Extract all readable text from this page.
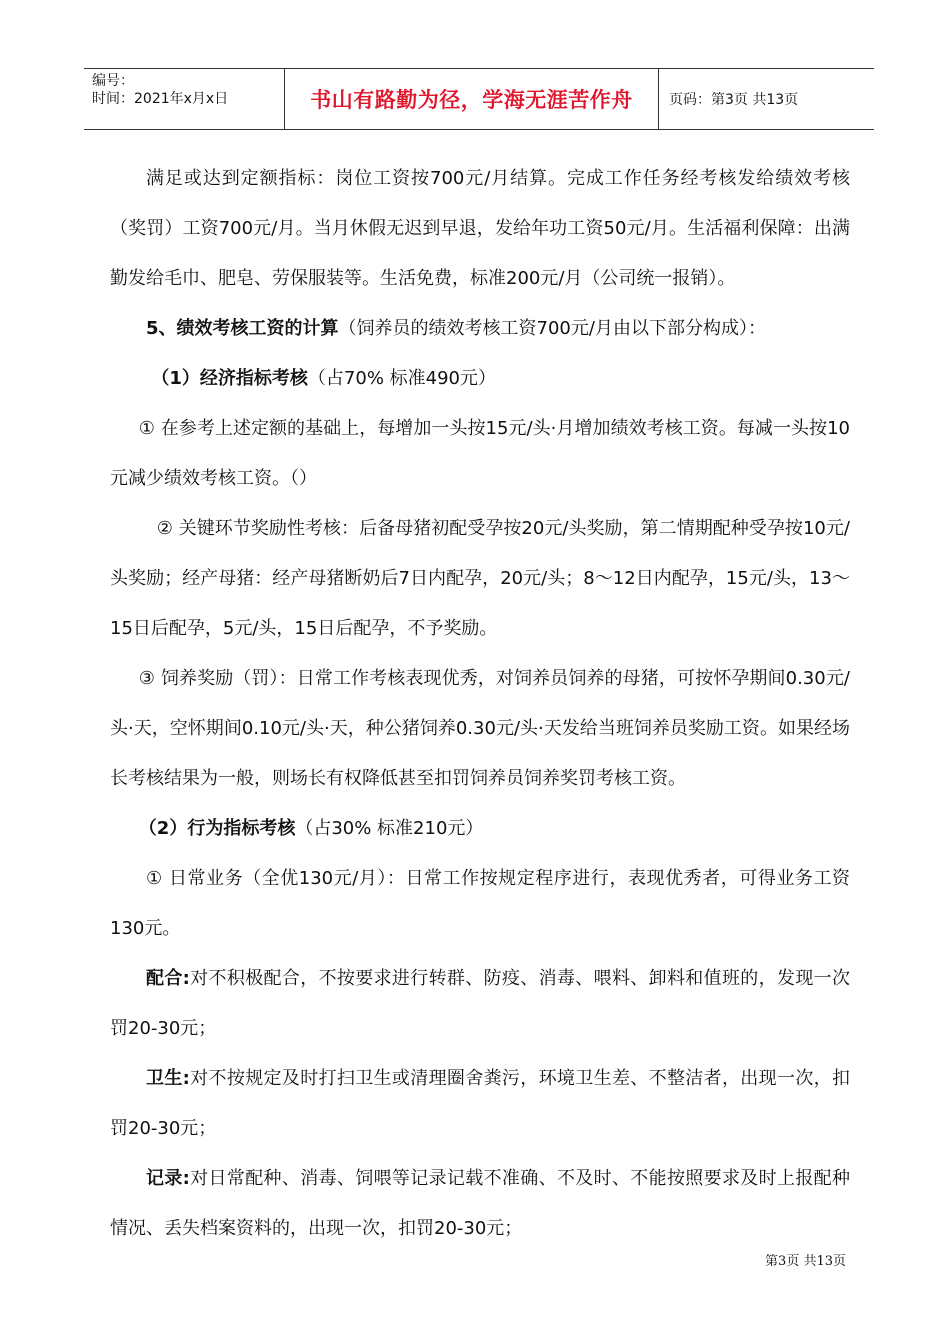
编号：
时间：2021年x月x日	书山有路勤为径，学海无涯苦作舟	页码：第3页 共13页

满足或达到定额指标：岗位工资按700元/月结算。完成工作任务经考核发给绩效考核（奖罚）工资700元/月。当月休假无迟到早退，发给年功工资50元/月。生活福利保障：出满勤发给毛巾、肥皂、劳保服装等。生活免费，标准200元/月（公司统一报销）。

5、绩效考核工资的计算（饲养员的绩效考核工资700元/月由以下部分构成）：

（1）经济指标考核（占70% 标准490元）

① 在参考上述定额的基础上，每增加一头按15元/头·月增加绩效考核工资。每减一头按10元减少绩效考核工资。（）

② 关键环节奖励性考核：后备母猪初配受孕按20元/头奖励，第二情期配种受孕按10元/头奖励；经产母猪：经产母猪断奶后7日内配孕，20元/头；8～12日内配孕，15元/头，13～15日后配孕，5元/头，15日后配孕，不予奖励。

③ 饲养奖励（罚）：日常工作考核表现优秀，对饲养员饲养的母猪，可按怀孕期间0.30元/头·天，空怀期间0.10元/头·天，种公猪饲养0.30元/头·天发给当班饲养员奖励工资。如果经场长考核结果为一般，则场长有权降低甚至扣罚饲养员饲养奖罚考核工资。

（2）行为指标考核（占30% 标准210元）

① 日常业务（全优130元/月）：日常工作按规定程序进行，表现优秀者，可得业务工资130元。

配合:对不积极配合，不按要求进行转群、防疫、消毒、喂料、卸料和值班的，发现一次罚20-30元；

卫生:对不按规定及时打扫卫生或清理圈舍粪污，环境卫生差、不整洁者，出现一次，扣罚20-30元；

记录:对日常配种、消毒、饲喂等记录记载不准确、不及时、不能按照要求及时上报配种情况、丢失档案资料的，出现一次，扣罚20-30元；

第3页 共13页
